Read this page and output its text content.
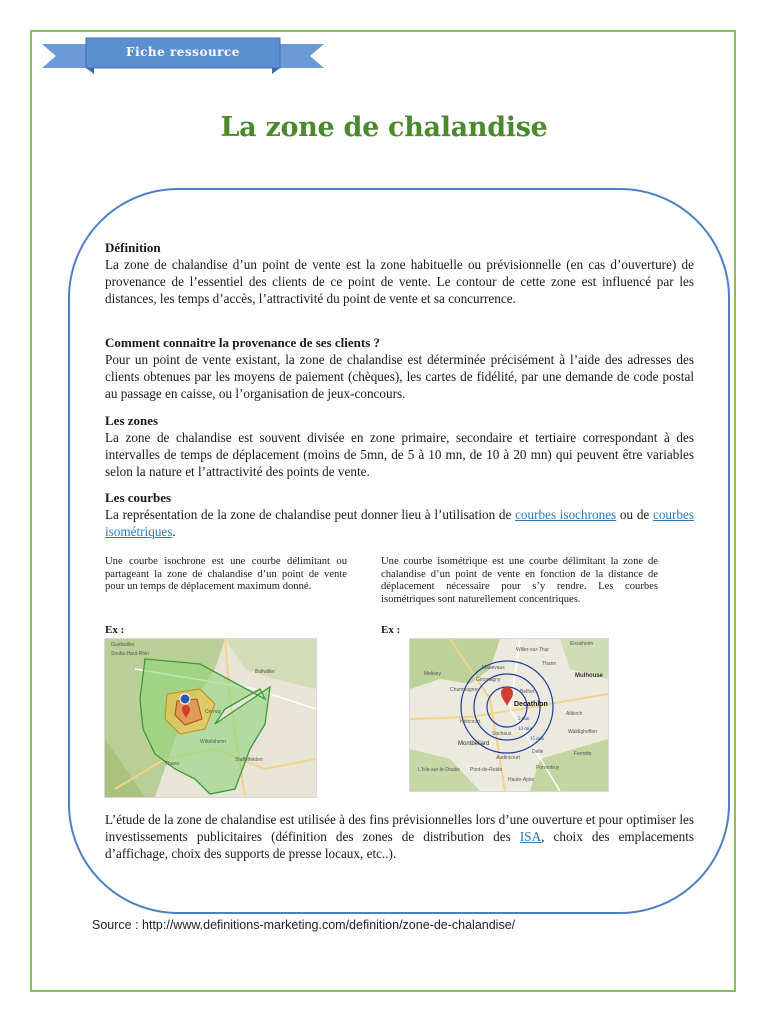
Fiche ressource
La zone de chalandise
Définition
La zone de chalandise d’un point de vente est la zone habituelle ou prévisionnelle (en cas d’ouverture) de provenance de l’essentiel des clients de ce point de vente. Le contour de cette zone est influencé par les distances, les temps d’accès, l’attractivité du point de vente et sa concurrence.
Comment connaitre la provenance de ses clients ?
Pour un point de vente existant, la zone de chalandise est déterminée précisément à l’aide des adresses des clients obtenues par les moyens de paiement (chèques), les cartes de fidélité, par une demande de code postal au passage en caisse, ou l’organisation de jeux-concours.
Les zones
La zone de chalandise est souvent divisée en zone primaire, secondaire et tertiaire correspondant à des intervalles de temps de déplacement (moins de 5mn, de 5 à 10 mn, de 10 à 20 mn) qui peuvent être variables selon la nature et l’attractivité des points de vente.
Les courbes
La représentation de la zone de chalandise peut donner lieu à l’utilisation de courbes isochrones ou de courbes isométriques.
Une courbe isochrone est une courbe délimitant ou partageant la zone de chalandise d’un point de vente pour un temps de déplacement maximum donné.
Ex :
Une courbe isométrique est une courbe délimitant la zone de chalandise d’un point de vente en fonction de la distance de déplacement nécessaire pour s’y rendre. Les courbes isométriques sont naturellement concentriques.
Ex :
Guebwiller
Soultz-Haut-Rhin
Cernay
Wittelsheim
Thann
Staffelfelden
Bollwiller
Decathlon
5 min
10 min
15 min
Ensisheim
Thann
Willer-sur-Thur
Masevaux
Giromagny
Mulhouse
Melisey
Champagney
Altkirch
Héricourt
Montbéliard
Delle
Porrentruy
Haute-Ajoie
L'Isle-sur-le-Doubs Pont-de-Roide
Audincourt
Sochaux	Waldighoffen
Ferrette
Belfort
L’étude de la zone de chalandise est utilisée à des fins prévisionnelles lors d’une ouverture et pour optimiser les investissements publicitaires (définition des zones de distribution des ISA, choix des emplacements d’affichage, choix des supports de presse locaux, etc..).
Source : http://www.definitions-marketing.com/definition/zone-de-chalandise/
